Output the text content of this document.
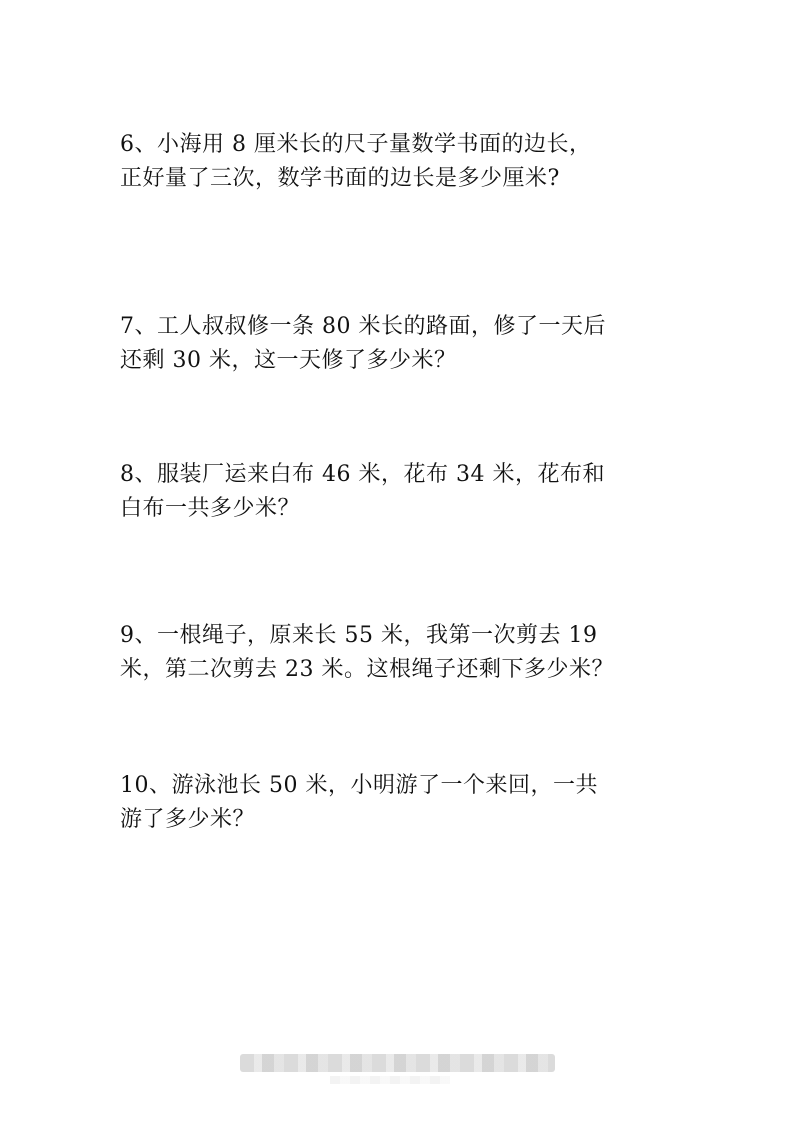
6、小海用 8 厘米长的尺子量数学书面的边长，
正好量了三次，数学书面的边长是多少厘米?
7、工人叔叔修一条 80 米长的路面，修了一天后
还剩 30 米，这一天修了多少米？
8、服装厂运来白布 46 米，花布 34 米，花布和
白布一共多少米？
9、一根绳子，原来长 55 米，我第一次剪去 19
米，第二次剪去 23 米。这根绳子还剩下多少米？
10、游泳池长 50 米，小明游了一个来回，一共
游了多少米？
